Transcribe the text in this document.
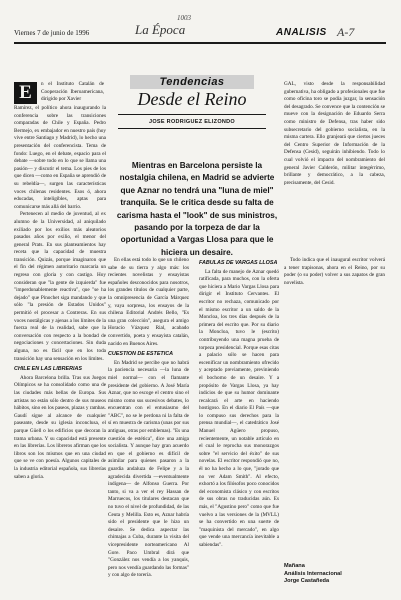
Viernes 7 de junio de 1996	La Época
1003
ANALISIS A-7
Tendencias
Desde el Reino
JOSE RODRIGUEZ ELIZONDO
E	n el Instituto Catalán de Cooperación Iberoamericana, dirigido por Xavier

Ramírez, el político ahora inaugurando la conferencia sobre las transiciones comparadas de Chile y España. Pedro Bermejo, ex embajador en nuestro país (hoy vive entre Santiago y Madrid), lo hecho una presentación del conferencista. Tema de fondo: Luego, en el debate, espacio para el debate —sobre todo en lo que se llama una pasión— y discutir el tema. Los pies de los que dicen —como en España se aprendió de su rebeldía—, surgen las características voces chilenas residentes. Esos ó, ahora educadas, inteligibles, aptas para comunicarse más allá del barrio.

Pertenecen al medio de juventud, al ex alumno de la Universidad, al aniquilado exiliado por los exilios más aleatorios pasados años por exilio, el menor del general Prats. En sus planteamientos hay receta que la capacidad de muestra transición. Quizás, porque imaginaron que el fin del régimen autoritario marcaría un regreso con gloria y con castigo. Hoy consideran que "la gente de izquierda" fue "imperdonablemente reactiva", que "se ha dejado" que Pinochet siga mandando y que sólo "la presión de Estados Unidos" permitió el procesar a Contreras. En sus voces nostálgicas y ajenas a los límites de la fuerza real de la realidad, sabe que la conversación con respecto a la bondad de negociaciones y concertaciones. Sin duda alguna, no es fácil que en los toda transición hay una sensación en los límites.

CHILE EN LAS LIBRERIAS

Ahora Barcelona brilla. Tras sus Juegos Olímpicos se ha consolidado como una de las ciudades más bellas de Europa. Sus artistas no están sólo dentro de sus museos hábitos, sino en los paseos, plazas y rambas. Gaudí sigue al alcance de cualquier paseante, desde su iglesia inconclusa, el parque Güell o los edificios que decoran la trama urbana. Y su capacidad está presente en las librerías. Los libreros afirman que los libros son los mismos que en una ciudad que se ve con poesía. Algunos capitales de la industria editorial española, sus librerías saben a gloria.

Mientras en Barcelona persiste la nostalgia chilena, en Madrid se advierte que Aznar no tendrá una "luna de miel" tranquila. Se le critica desde su falta de carisma hasta el "look" de sus ministros, pasando por la torpeza de dar la oportunidad a Vargas Llosa para que le hiciera un desaire.

GAL, visto desde la responsabilidad gubernativa, ha obligado a profesionales que fue como oficina toro se podía juzgar, la sensación del desagrado. Se convence que la contención se mueve con la designación de Eduardo Serra como ministro de Defensa, tras haber sido subsecretario del gobierno socialista, en la misma cartera. Ello granjeará que ciertos jueces del Centro Superior de Información de la Defensa (Cesid), seguirán inhibiendo. Todo lo cual volvió el impacto del nombramiento del general Javier Calderón, militar integérrimo, brillante y democrático, a la cabeza, precisamente, del Cesid.

En ellas está todo lo que un chileno sabe de su tierra y algo más: los recientes novelistas y ensayistas españoles desconocidos para nosotros, los grandes títulos de cualquier parte, la omnipresencia de García Márquez y, vaya sorpresa, los ensayos de la chilena Editorial Andrés Bello, "Es una gran colección", asegura el amigo Horacio Vázquez Rial, acabado convertido, poeta y ensayista catalán, nacido en Buenos Aires.

CUESTION DE ESTETICA

En Madrid se percibe que no habrá la paciencia necesaria —la luna de miel normal— con el flamante presidente del gobierno. A José María Aznar, que no escoge el centro sino el mismo como sus sucesivos debates, lo encuentran con el entusiasmo del "ABC", no se le perdona ni la falta de sí en muestra de carisma (unas por sus antiguas, otras por emblemas). "Es una cuestión de estética", dice una amiga socialista. Y aunque hay gran acuerdo en que el gobierno es difícil de asimilar para quienes pasaron a la guardia andaluza de Felipe y a la agradecida divertida —eventualmente indígena— de Alfonso Guerra. Por tanto, si va a ver el rey Hassan de Marruecos, los titulares destacan que no tuvo el nivel de profundidad, de las Ceuta y Melilla. Esto es, Aznar habría sido el presidente que le hizo un desaire. Se dedica aspectar las chimajas a Cuba, durante la visita del vicepresidente norteamericano Al Gore. Paco Umbral dirá que "González nos vendía a los yanquis, pero nos vendía guardando las formas" y con algo de torería.

FABULAS DE VARGAS LLOSA

La falta de manejo de Aznar quedó ratificada, para muchos, con la oferta que hiciera a Mario Vargas Llosa para dirigir el Instituto Cervantes. El escritor no rechaza, comunicado por el mismo escritor a un saldo de la Moncloa, los tres días después de la primera del escrito que. Por su diario la Moncloa, tuvo le (escrito) contribuyendo una magna prueba de torpeza presidencial. Porque esas citas a palacio sólo se hacen para escenificar un nombramiento ofrecido y aceptado previamente, previniendo el bochorno de un desaire. Y a propósito de Vargas Llosa, ya hay indicios de que su humor dominante recalcará el arte en haciendo hostigoso. En el diario El País —que lo compuso sus derechos para la prensa mundial—, el catedrático José Manuel Agüero propuso, recientemente, un notable artículo en el cual le reprocha sus monorazgos sobre "el servicio del éxito" de sus novelas. El escritor respondió que no, él no ha hecho a lo que, "jorado que no ver Adam Smith". Al efecto, exhortó a los filósofos poco conocidos del economista clásico y con escritos de sus obras no traducidas aún. Es más, el "Agustino pero" como que fue vuelvo a las versiones de la (MVLL) se ha convertido en una suerte de "maquinista del mercado", en algo que vende una mercancía inevitable a sabiendas".

Todo indica que el inaugural escritor volverá a tener trapisonas, ahora en el Reino, por su poder (o su poder) volver a sus zapatos de gran novelista.

Mañana
Análisis Internacional
Jorge Castañeda
